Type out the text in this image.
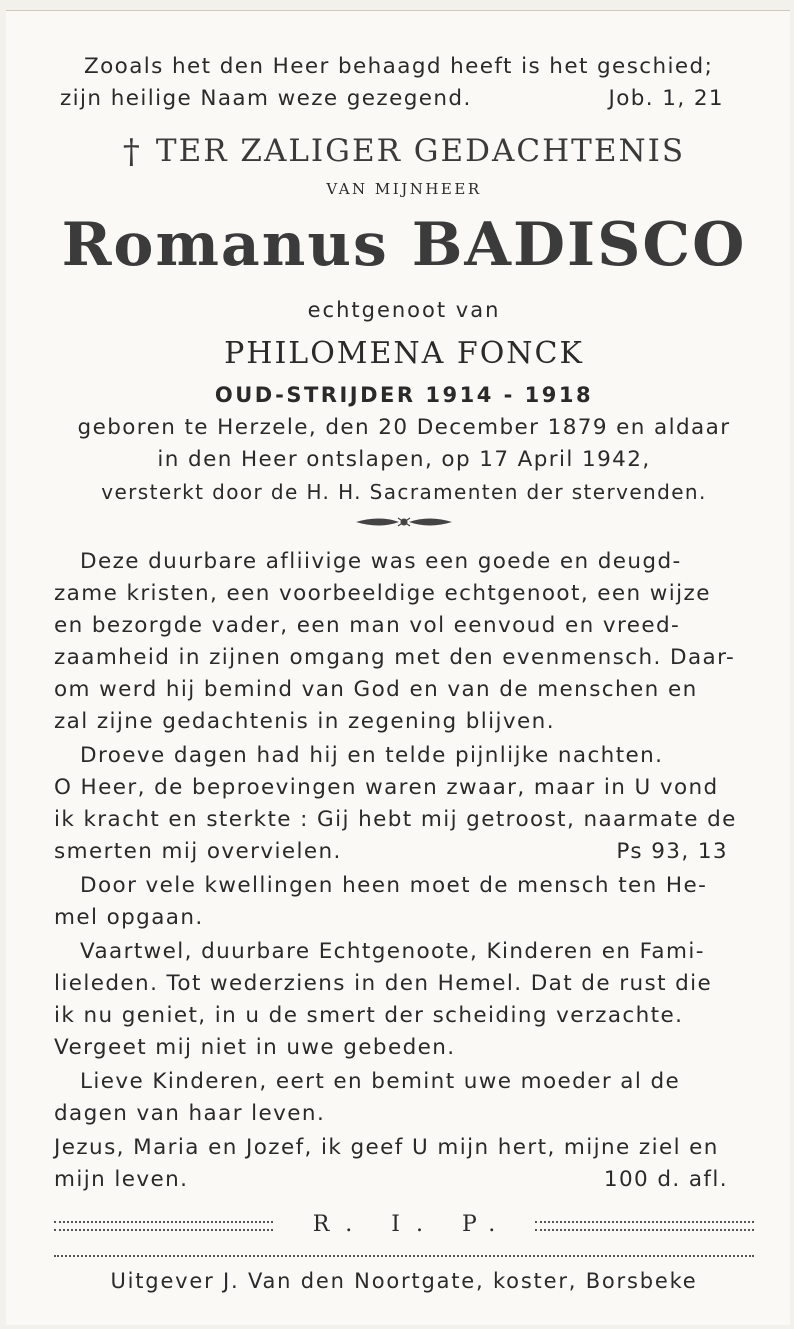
Zooals het den Heer behaagd heeft is het geschied;
zijn heilige Naam weze gezegend.	Job. 1, 21
† TER ZALIGER GEDACHTENIS
VAN MIJNHEER
Romanus BADISCO
echtgenoot van
PHILOMENA FONCK
OUD-STRIJDER 1914 - 1918
geboren te Herzele, den 20 December 1879 en aldaar
in den Heer ontslapen, op 17 April 1942,
versterkt door de H. H. Sacramenten der stervenden.
Deze duurbare afliivige was een goede en deugd-
zame kristen, een voorbeeldige echtgenoot, een wijze
en bezorgde vader, een man vol eenvoud en vreed-
zaamheid in zijnen omgang met den evenmensch. Daar-
om werd hij bemind van God en van de menschen en
zal zijne gedachtenis in zegening blijven.
Droeve dagen had hij en telde pijnlijke nachten.
O Heer, de beproevingen waren zwaar, maar in U vond
ik kracht en sterkte : Gij hebt mij getroost, naarmate de
smerten mij overvielen.	Ps 93, 13
Door vele kwellingen heen moet de mensch ten He-
mel opgaan.
Vaartwel, duurbare Echtgenoote, Kinderen en Fami-
lieleden. Tot wederziens in den Hemel. Dat de rust die
ik nu geniet, in u de smert der scheiding verzachte.
Vergeet mij niet in uwe gebeden.
Lieve Kinderen, eert en bemint uwe moeder al de
dagen van haar leven.
Jezus, Maria en Jozef, ik geef U mijn hert, mijne ziel en
mijn leven.	100 d. afl.
R. I. P.
Uitgever J. Van den Noortgate, koster, Borsbeke
